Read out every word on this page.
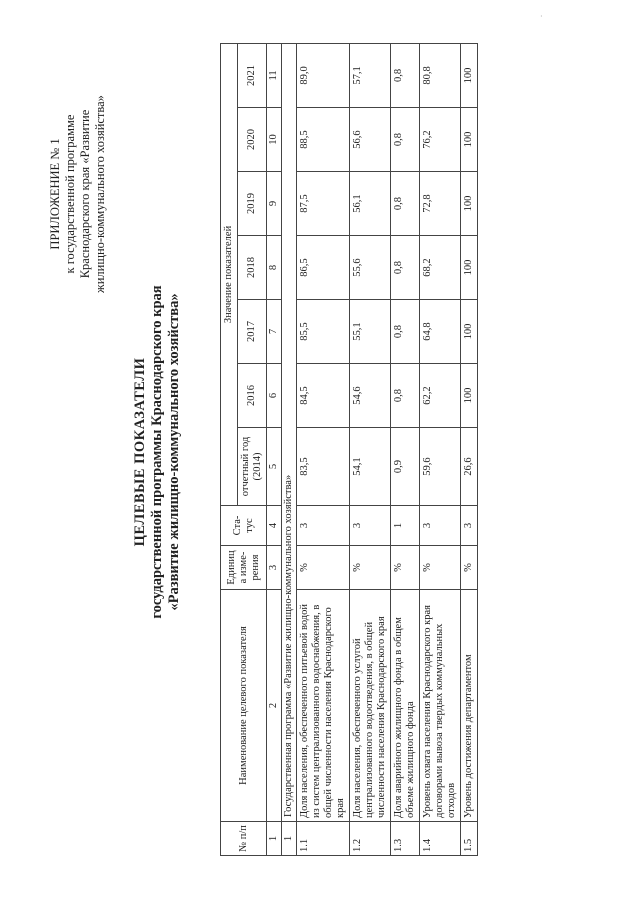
·
ПРИЛОЖЕНИЕ № 1 к государственной программе Краснодарского края «Развитие жилищно-коммунального хозяйства»
ЦЕЛЕВЫЕ ПОКАЗАТЕЛИ государственной программы Краснодарского края «Развитие жилищно-коммунального хозяйства»
№ п/п	Наименование целевого показателя	Единица изме-рения	Ста-тус	Значение показателей						
				отчетный год (2014)	2016	2017	2018	2019	2020	2021
1	2	3	4	5	6	7	8	9	10	11
1	Государственная программа «Развитие жилищно-коммунального хозяйства»									
1.1	Доля населения, обеспеченного питьевой водой из систем централизованного водоснабжения, в общей численности населения Краснодарского края	%	3	83,5	84,5	85,5	86,5	87,5	88,5	89,0
1.2	Доля населения, обеспеченного услугой централизованного водоотведения, в общей численности населения Краснодарского края	%	3	54,1	54,6	55,1	55,6	56,1	56,6	57,1
1.3	Доля аварийного жилищного фонда в общем объеме жилищного фонда	%	1	0,9	0,8	0,8	0,8	0,8	0,8	0,8
1.4	Уровень охвата населения Краснодарского края договорами вывоза твердых коммунальных отходов	%	3	59,6	62,2	64,8	68,2	72,8	76,2	80,8
1.5	Уровень достижения департаментом	%	3	26,6	100	100	100	100	100	100
